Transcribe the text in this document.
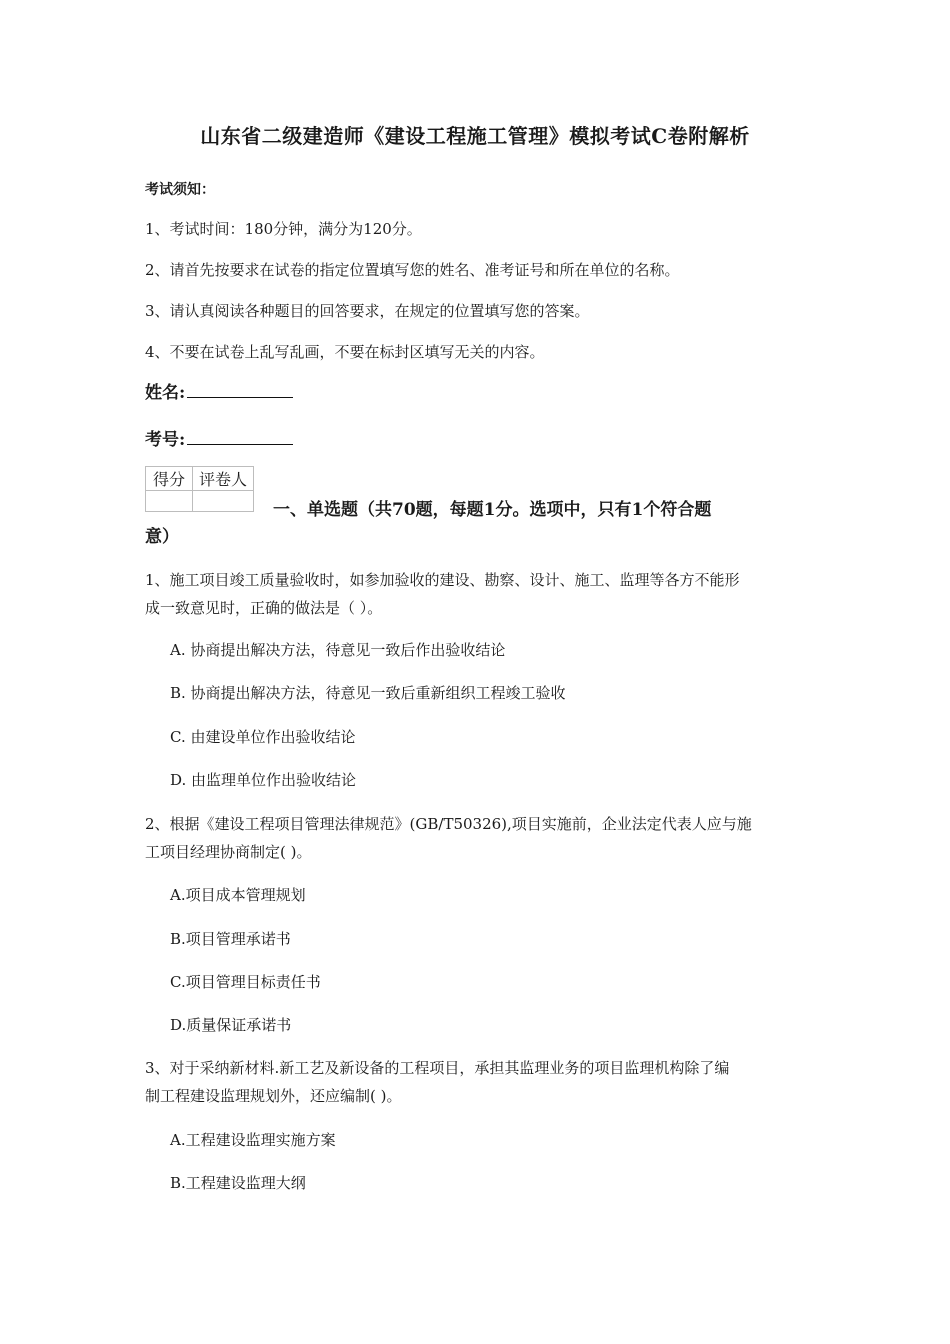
山东省二级建造师《建设工程施工管理》模拟考试C卷附解析
考试须知：
1、考试时间：180分钟，满分为120分。
2、请首先按要求在试卷的指定位置填写您的姓名、准考证号和所在单位的名称。
3、请认真阅读各种题目的回答要求，在规定的位置填写您的答案。
4、不要在试卷上乱写乱画，不要在标封区填写无关的内容。
姓名:
考号:
得分	评卷人

一、单选题（共70题，每题1分。选项中，只有1个符合题
意）
1、施工项目竣工质量验收时，如参加验收的建设、勘察、设计、施工、监理等各方不能形
成一致意见时，正确的做法是（ ）。
A. 协商提出解决方法，待意见一致后作出验收结论
B. 协商提出解决方法，待意见一致后重新组织工程竣工验收
C. 由建设单位作出验收结论
D. 由监理单位作出验收结论
2、根据《建设工程项目管理法律规范》(GB/T50326),项目实施前，企业法定代表人应与施
工项目经理协商制定( )。
A.项目成本管理规划
B.项目管理承诺书
C.项目管理目标责任书
D.质量保证承诺书
3、对于采纳新材料.新工艺及新设备的工程项目，承担其监理业务的项目监理机构除了编
制工程建设监理规划外，还应编制( )。
A.工程建设监理实施方案
B.工程建设监理大纲
